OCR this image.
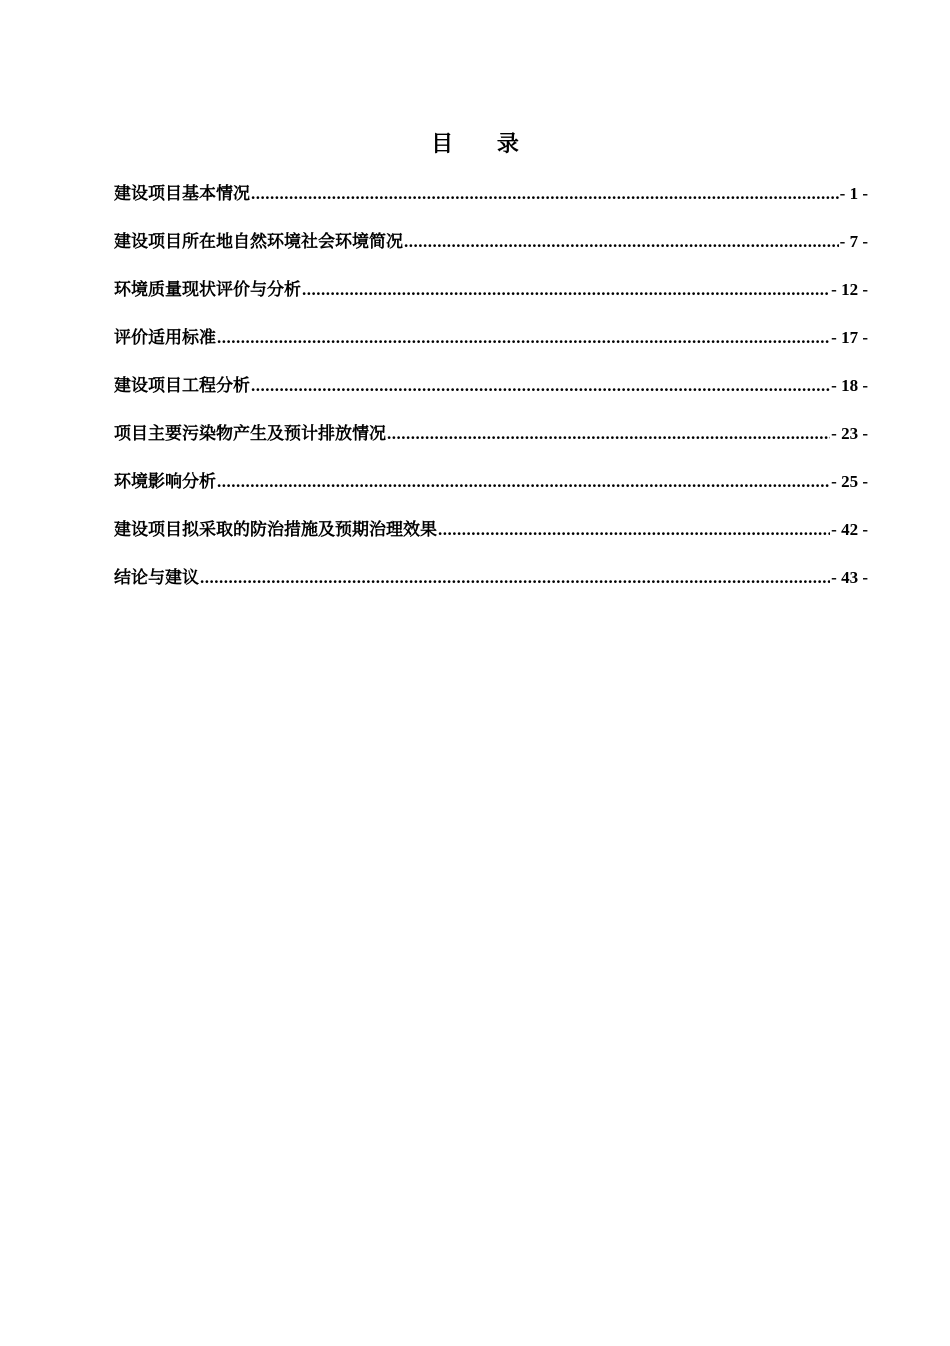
目 录
建设项目基本情况 .....	- 1 -
建设项目所在地自然环境社会环境简况 .....	- 7 -
环境质量现状评价与分析 .....	- 12 -
评价适用标准 .....	- 17 -
建设项目工程分析 .....	- 18 -
项目主要污染物产生及预计排放情况 .....	- 23 -
环境影响分析 .....	- 25 -
建设项目拟采取的防治措施及预期治理效果 .....	- 42 -
结论与建议 .....	- 43 -
